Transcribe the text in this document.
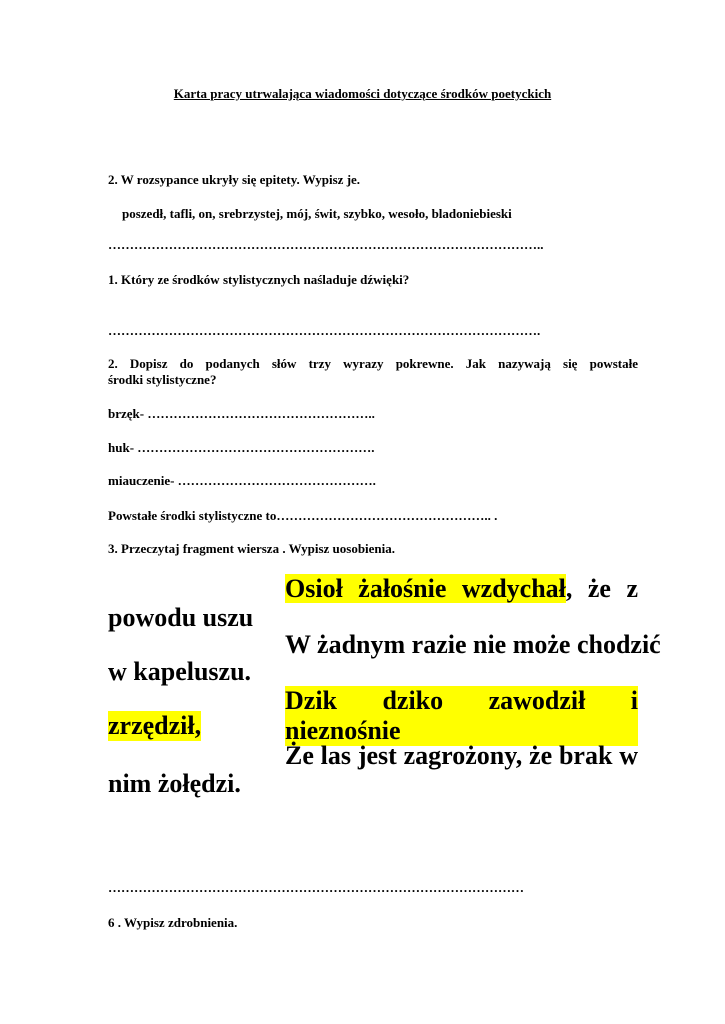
Karta pracy utrwalająca wiadomości dotyczące środków poetyckich
2. W rozsypance ukryły się epitety. Wypisz je.
poszedł, tafli, on, srebrzystej, mój, świt, szybko, wesoło, bladoniebieski
………………………………………………………………………………………..
1. Który ze środków stylistycznych naśladuje dźwięki?
……………………………………………………………………………………….
2. Dopisz do podanych słów trzy wyrazy pokrewne. Jak nazywają się powstałe
środki stylistyczne?
brzęk- ……………………………………………..
huk- ……………………………………………….
miauczenie- ……………………………………….
Powstałe środki stylistyczne to………………………………………….. .
3. Przeczytaj fragment wiersza . Wypisz uosobienia.
Osioł żałośnie wzdychał, że z
powodu uszu
W żadnym razie nie może chodzić
w kapeluszu.
Dzik dziko zawodził i nieznośnie
zrzędził,
Że las jest zagrożony, że brak w
nim żołędzi.
……………………………………………………………………………………
6 . Wypisz zdrobnienia.
